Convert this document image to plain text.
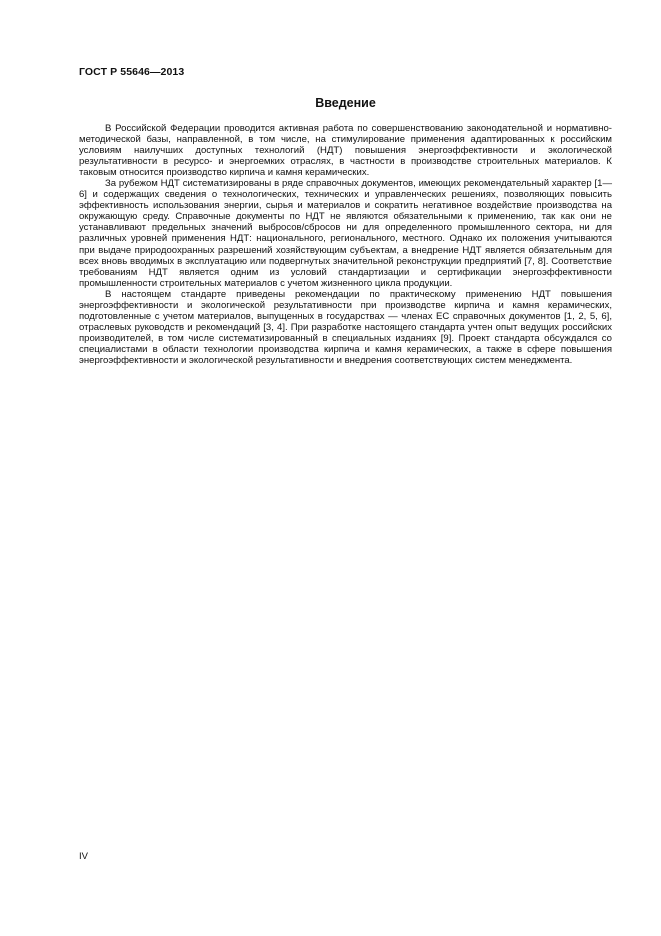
ГОСТ Р 55646—2013
Введение

В Российской Федерации проводится активная работа по совершенствованию законодательной и нормативно-методической базы, направленной, в том числе, на стимулирование применения адаптированных к российским условиям наилучших доступных технологий (НДТ) повышения энергоэффективности и экологической результативности в ресурсо- и энергоемких отраслях, в частности в производстве строительных материалов. К таковым относится производство кирпича и камня керамических.

За рубежом НДТ систематизированы в ряде справочных документов, имеющих рекомендательный характер [1—6] и содержащих сведения о технологических, технических и управленческих решениях, позволяющих повысить эффективность использования энергии, сырья и материалов и сократить негативное воздействие производства на окружающую среду. Справочные документы по НДТ не являются обязательными к применению, так как они не устанавливают предельных значений выбросов/сбросов ни для определенного промышленного сектора, ни для различных уровней применения НДТ: национального, регионального, местного. Однако их положения учитываются при выдаче природоохранных разрешений хозяйствующим субъектам, а внедрение НДТ является обязательным для всех вновь вводимых в эксплуатацию или подвергнутых значительной реконструкции предприятий [7, 8]. Соответствие требованиям НДТ является одним из условий стандартизации и сертификации энергоэффективности промышленности строительных материалов с учетом жизненного цикла продукции.

В настоящем стандарте приведены рекомендации по практическому применению НДТ повышения энергоэффективности и экологической результативности при производстве кирпича и камня керамических, подготовленные с учетом материалов, выпущенных в государствах — членах ЕС справочных документов [1, 2, 5, 6], отраслевых руководств и рекомендаций [3, 4]. При разработке настоящего стандарта учтен опыт ведущих российских производителей, в том числе систематизированный в специальных изданиях [9]. Проект стандарта обсуждался со специалистами в области технологии производства кирпича и камня керамических, а также в сфере повышения энергоэффективности и экологической результативности и внедрения соответствующих систем менеджмента.

IV
